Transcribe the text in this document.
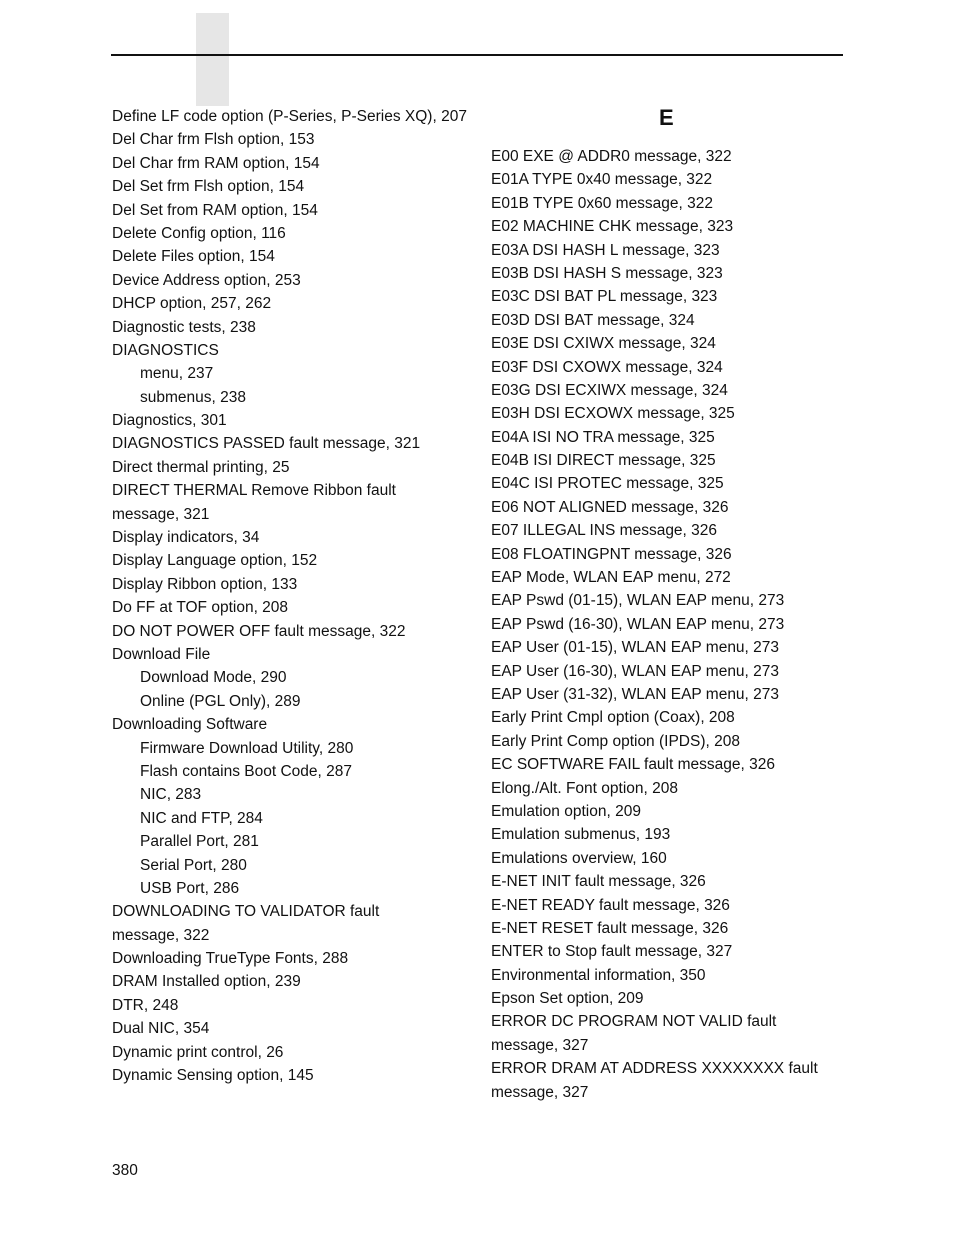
Define LF code option (P-Series, P-Series XQ), 207
Del Char frm Flsh option, 153
Del Char frm RAM option, 154
Del Set frm Flsh option, 154
Del Set from RAM option, 154
Delete Config option, 116
Delete Files option, 154
Device Address option, 253
DHCP option, 257, 262
Diagnostic tests, 238
DIAGNOSTICS
menu, 237
submenus, 238
Diagnostics, 301
DIAGNOSTICS PASSED fault message, 321
Direct thermal printing, 25
DIRECT THERMAL Remove Ribbon fault
message, 321
Display indicators, 34
Display Language option, 152
Display Ribbon option, 133
Do FF at TOF option, 208
DO NOT POWER OFF fault message, 322
Download File
Download Mode, 290
Online (PGL Only), 289
Downloading Software
Firmware Download Utility, 280
Flash contains Boot Code, 287
NIC, 283
NIC and FTP, 284
Parallel Port, 281
Serial Port, 280
USB Port, 286
DOWNLOADING TO VALIDATOR fault
message, 322
Downloading TrueType Fonts, 288
DRAM Installed option, 239
DTR, 248
Dual NIC, 354
Dynamic print control, 26
Dynamic Sensing option, 145
E
E00 EXE @ ADDR0 message, 322
E01A TYPE 0x40 message, 322
E01B TYPE 0x60 message, 322
E02 MACHINE CHK message, 323
E03A DSI HASH L message, 323
E03B DSI HASH S message, 323
E03C DSI BAT PL message, 323
E03D DSI BAT message, 324
E03E DSI CXIWX message, 324
E03F DSI CXOWX message, 324
E03G DSI ECXIWX message, 324
E03H DSI ECXOWX message, 325
E04A ISI NO TRA message, 325
E04B ISI DIRECT message, 325
E04C ISI PROTEC message, 325
E06 NOT ALIGNED message, 326
E07 ILLEGAL INS message, 326
E08 FLOATINGPNT message, 326
EAP Mode, WLAN EAP menu, 272
EAP Pswd (01-15), WLAN EAP menu, 273
EAP Pswd (16-30), WLAN EAP menu, 273
EAP User (01-15), WLAN EAP menu, 273
EAP User (16-30), WLAN EAP menu, 273
EAP User (31-32), WLAN EAP menu, 273
Early Print Cmpl option (Coax), 208
Early Print Comp option (IPDS), 208
EC SOFTWARE FAIL fault message, 326
Elong./Alt. Font option, 208
Emulation option, 209
Emulation submenus, 193
Emulations overview, 160
E-NET INIT fault message, 326
E-NET READY fault message, 326
E-NET RESET fault message, 326
ENTER to Stop fault message, 327
Environmental information, 350
Epson Set option, 209
ERROR DC PROGRAM NOT VALID fault
message, 327
ERROR DRAM AT ADDRESS XXXXXXXX fault
message, 327
380
